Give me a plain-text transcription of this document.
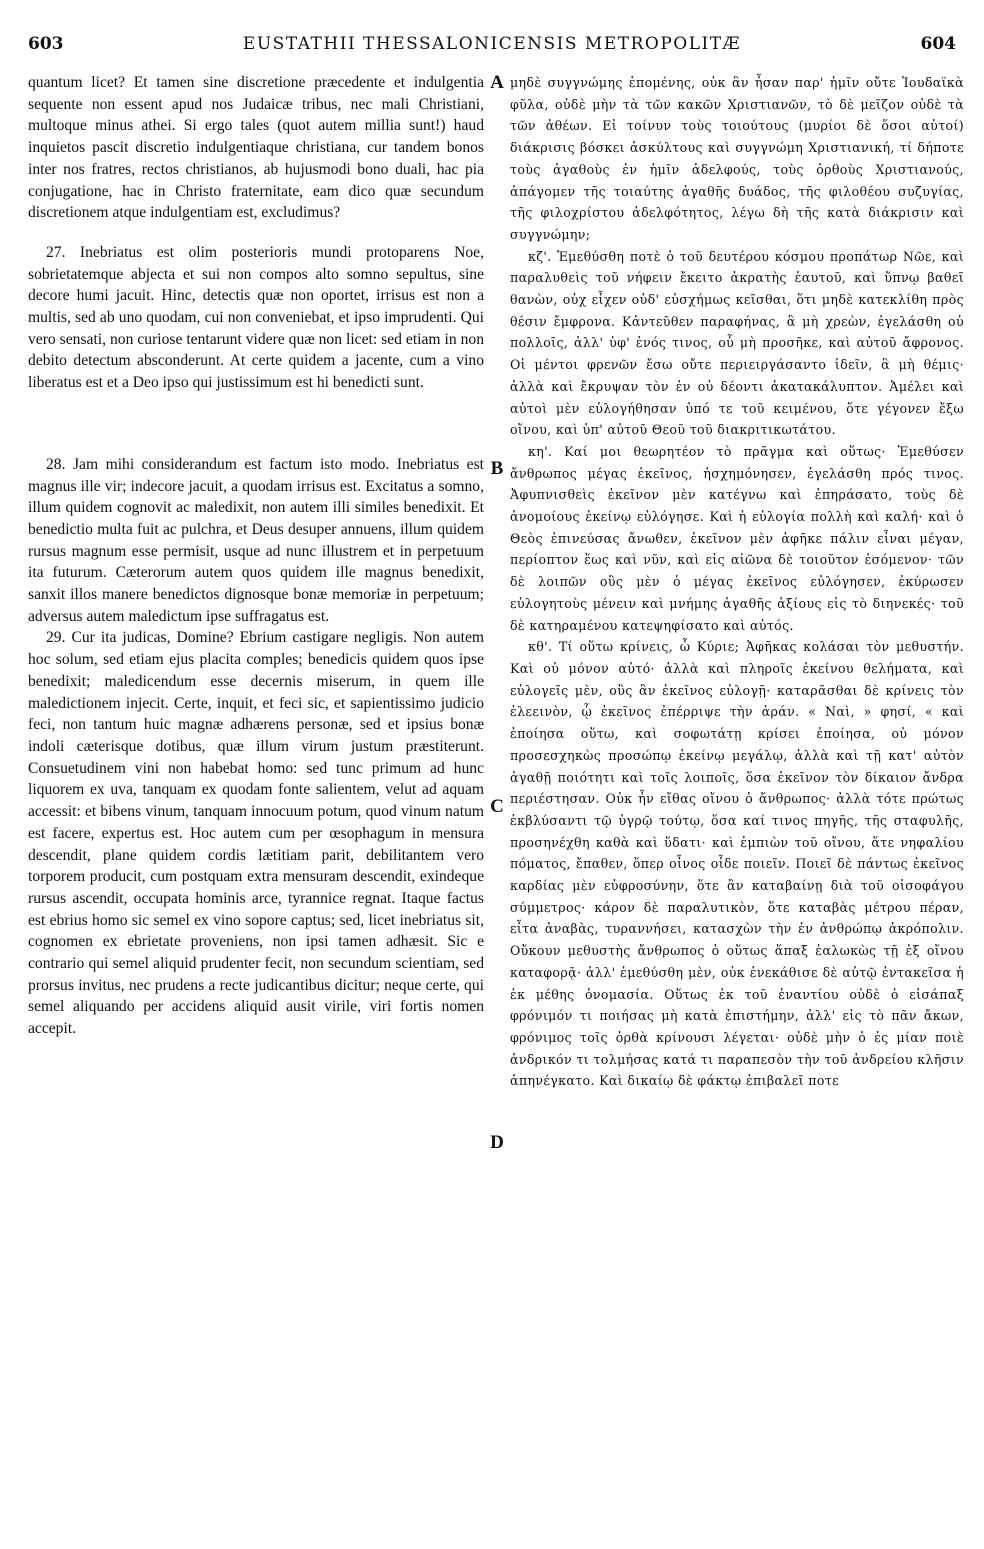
603	EUSTATHII THESSALONICENSIS METROPOLITÆ	604

quantum licet? Et tamen sine discretione præcedente et indulgentia sequente non essent apud nos Judaicæ tribus, nec mali Christiani, multoque minus athei. Si ergo tales (quot autem millia sunt!) haud inquietos pascit discretio indulgentiaque christiana, cur tandem bonos inter nos fratres, rectos christianos, ab hujusmodi bono duali, hac pia conjugatione, hac in Christo fraternitate, eam dico quæ secundum discretionem atque indulgentiam est, excludimus?

27. Inebriatus est olim posterioris mundi protoparens Noe, sobrietatemque abjecta et sui non compos alto somno sepultus, sine decore humi jacuit. Hinc, detectis quæ non oportet, irrisus est non a multis, sed ab uno quodam, cui non conveniebat, et ipso imprudenti. Qui vero sensati, non curiose tentarunt videre quæ non licet: sed etiam in non debito detectum absconderunt. At certe quidem a jacente, cum a vino liberatus est et a Deo ipso qui justissimum est hi benedicti sunt.

28. Jam mihi considerandum est factum isto modo. Inebriatus est magnus ille vir; indecore jacuit, a quodam irrisus est. Excitatus a somno, illum quidem cognovit ac maledixit, non autem illi similes benedixit. Et benedictio multa fuit ac pulchra, et Deus desuper annuens, illum quidem rursus magnum esse permisit, usque ad nunc illustrem et in perpetuum ita futurum. Cæterorum autem quos quidem ille magnus benedixit, sanxit illos manere benedictos dignosque bonæ memoriæ in perpetuum; adversus autem maledictum ipse suffragatus est.

29. Cur ita judicas, Domine? Ebrium castigare negligis. Non autem hoc solum, sed etiam ejus placita comples; benedicis quidem quos ipse benedixit; maledicendum esse decernis miserum, in quem ille maledictionem injecit. Certe, inquit, et feci sic, et sapientissimo judicio feci, non tantum huic magnæ adhærens personæ, sed et ipsius bonæ indoli cæterisque dotibus, quæ illum virum justum præstiterunt. Consuetudinem vini non habebat homo: sed tunc primum ad hunc liquorem ex uva, tanquam ex quodam fonte salientem, velut ad aquam accessit: et bibens vinum, tanquam innocuum potum, quod vinum natum est facere, expertus est. Hoc autem cum per œsophagum in mensura descendit, plane quidem cordis lætitiam parit, debilitantem vero torporem producit, cum postquam extra mensuram descendit, exindeque rursus ascendit, occupata hominis arce, tyrannice regnat. Itaque factus est ebrius homo sic semel ex vino sopore captus; sed, licet inebriatus sit, cognomen ex ebrietate proveniens, non ipsi tamen adhæsit. Sic e contrario qui semel aliquid prudenter fecit, non secundum scientiam, sed prorsus invitus, nec prudens a recte judicantibus dicitur; neque certe, qui semel aliquando per accidens aliquid ausit virile, viri fortis nomen accepit.

A
B
C
D

μηδὲ συγγνώμης ἑπομένης, οὐκ ἂν ἦσαν παρ' ἡμῖν οὔτε Ἰουδαϊκὰ φῦλα, οὐδὲ μὴν τὰ τῶν κακῶν Χριστιανῶν, τὸ δὲ μεῖζον οὐδὲ τὰ τῶν ἀθέων. Εἰ τοίνυν τοὺς τοιούτους (μυρίοι δὲ ὅσοι αὐτοί) διάκρισις βόσκει ἀσκύλτους καὶ συγγνώμη Χριστιανική, τί δήποτε τοὺς ἀγαθοὺς ἐν ἡμῖν ἀδελφούς, τοὺς ὀρθοὺς Χριστιανούς, ἀπάγομεν τῆς τοιαύτης ἀγαθῆς δυάδος, τῆς φιλοθέου συζυγίας, τῆς φιλοχρίστου ἀδελφότητος, λέγω δὴ τῆς κατὰ διάκρισιν καὶ συγγνώμην;

κζ'. Ἐμεθύσθη ποτὲ ὁ τοῦ δευτέρου κόσμου προπάτωρ Νῶε, καὶ παραλυθεὶς τοῦ νήφειν ἔκειτο ἀκρατὴς ἑαυτοῦ, καὶ ὕπνῳ βαθεῖ θανὼν, οὐχ εἶχεν οὐδ' εὐσχήμως κεῖσθαι, ὅτι μηδὲ κατεκλίθη πρὸς θέσιν ἔμφρονα. Κἀντεῦθεν παραφήνας, ἃ μὴ χρεὼν, ἐγελάσθη οὐ πολλοῖς, ἀλλ' ὑφ' ἑνός τινος, οὗ μὴ προσῆκε, καὶ αὐτοῦ ἄφρονος. Οἱ μέντοι φρενῶν ἔσω οὔτε περιειργάσαντο ἰδεῖν, ἃ μὴ θέμις· ἀλλὰ καὶ ἔκρυψαν τὸν ἐν οὐ δέοντι ἀκατακάλυπτον. Ἀμέλει καὶ αὐτοὶ μὲν εὐλογήθησαν ὑπό τε τοῦ κειμένου, ὅτε γέγονεν ἔξω οἴνου, καὶ ὑπ' αὐτοῦ Θεοῦ τοῦ διακριτικωτάτου.

κη'. Καί μοι θεωρητέον τὸ πρᾶγμα καὶ οὕτως· Ἐμεθύσεν ἄνθρωπος μέγας ἐκεῖνος, ἠσχημόνησεν, ἐγελάσθη πρός τινος. Ἀφυπνισθεὶς ἐκεῖνον μὲν κατέγνω καὶ ἐπηράσατο, τοὺς δὲ ἀνομοίους ἐκείνῳ εὐλόγησε. Καὶ ἡ εὐλογία πολλὴ καὶ καλή· καὶ ὁ Θεὸς ἐπινεύσας ἄνωθεν, ἐκεῖνον μὲν ἀφῆκε πάλιν εἶναι μέγαν, περίοπτον ἕως καὶ νῦν, καὶ εἰς αἰῶνα δὲ τοιοῦτον ἐσόμενον· τῶν δὲ λοιπῶν οὓς μὲν ὁ μέγας ἐκεῖνος εὐλόγησεν, ἐκύρωσεν εὐλογητοὺς μένειν καὶ μνήμης ἀγαθῆς ἀξίους εἰς τὸ διηνεκές· τοῦ δὲ κατηραμένου κατεψηφίσατο καὶ αὐτός.

κθ'. Τί οὕτω κρίνεις, ὦ Κύριε; Ἀφῆκας κολάσαι τὸν μεθυστήν. Καὶ οὐ μόνον αὐτό· ἀλλὰ καὶ πληροῖς ἐκείνου θελήματα, καὶ εὐλογεῖς μὲν, οὓς ἂν ἐκεῖνος εὐλογῇ· καταρᾶσθαι δὲ κρίνεις τὸν ἐλεεινὸν, ᾧ ἐκεῖνος ἐπέρριψε τὴν ἀράν. « Ναὶ, » φησί, « καὶ ἐποίησα οὕτω, καὶ σοφωτάτῃ κρίσει ἐποίησα, οὐ μόνον προσεσχηκὼς προσώπῳ ἐκείνῳ μεγάλῳ, ἀλλὰ καὶ τῇ κατ' αὐτὸν ἀγαθῇ ποιότητι καὶ τοῖς λοιποῖς, ὅσα ἐκεῖνον τὸν δίκαιον ἄνδρα περιέστησαν. Οὐκ ἦν εἴθας οἴνου ὁ ἄνθρωπος· ἀλλὰ τότε πρώτως ἐκβλύσαντι τῷ ὑγρῷ τούτῳ, ὅσα καί τινος πηγῆς, τῆς σταφυλῆς, προσηνέχθη καθὰ καὶ ὕδατι· καὶ ἐμπιὼν τοῦ οἴνου, ἅτε νηφαλίου πόματος, ἔπαθεν, ὅπερ οἶνος οἶδε ποιεῖν. Ποιεῖ δὲ πάντως ἐκεῖνος καρδίας μὲν εὐφροσύνην, ὅτε ἂν καταβαίνῃ διὰ τοῦ οἰσοφάγου σύμμετρος· κάρον δὲ παραλυτικὸν, ὅτε καταβὰς μέτρου πέραν, εἶτα ἀναβὰς, τυραννήσει, κατασχὼν τὴν ἐν ἀνθρώπῳ ἀκρόπολιν. Οὔκουν μεθυστὴς ἄνθρωπος ὁ οὕτως ἅπαξ ἑαλωκὼς τῇ ἐξ οἴνου καταφορᾷ· ἀλλ' ἐμεθύσθη μὲν, οὐκ ἐνεκάθισε δὲ αὐτῷ ἐντακεῖσα ἡ ἐκ μέθης ὀνομασία. Οὕτως ἐκ τοῦ ἐναντίου οὐδὲ ὁ εἰσάπαξ φρόνιμόν τι ποιήσας μὴ κατὰ ἐπιστήμην, ἀλλ' εἰς τὸ πᾶν ἄκων, φρόνιμος τοῖς ὀρθὰ κρίνουσι λέγεται· οὐδὲ μὴν ὁ ἐς μίαν ποιὲ ἀνδρικόν τι τολμήσας κατά τι παραπεσὸν τὴν τοῦ ἀνδρείου κλῆσιν ἀπηνέγκατο. Καὶ δικαίῳ δὲ φάκτῳ ἐπιβαλεῖ ποτε
